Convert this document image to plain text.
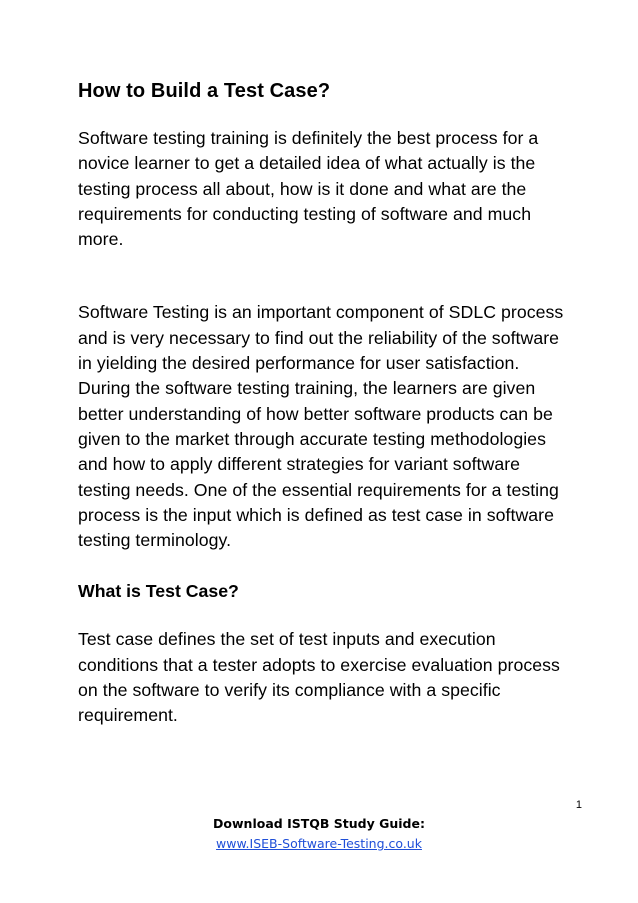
How to Build a Test Case?

Software testing training is definitely the best process for a novice learner to get a detailed idea of what actually is the testing process all about, how is it done and what are the requirements for conducting testing of software and much more.

Software Testing is an important component of SDLC process and is very necessary to find out the reliability of the software in yielding the desired performance for user satisfaction. During the software testing training, the learners are given better understanding of how better software products can be given to the market through accurate testing methodologies and how to apply different strategies for variant software testing needs. One of the essential requirements for a testing process is the input which is defined as test case in software testing terminology.

What is Test Case?

Test case defines the set of test inputs and execution conditions that a tester adopts to exercise evaluation process on the software to verify its compliance with a specific requirement.

1
Download ISTQB Study Guide:
www.ISEB-Software-Testing.co.uk
